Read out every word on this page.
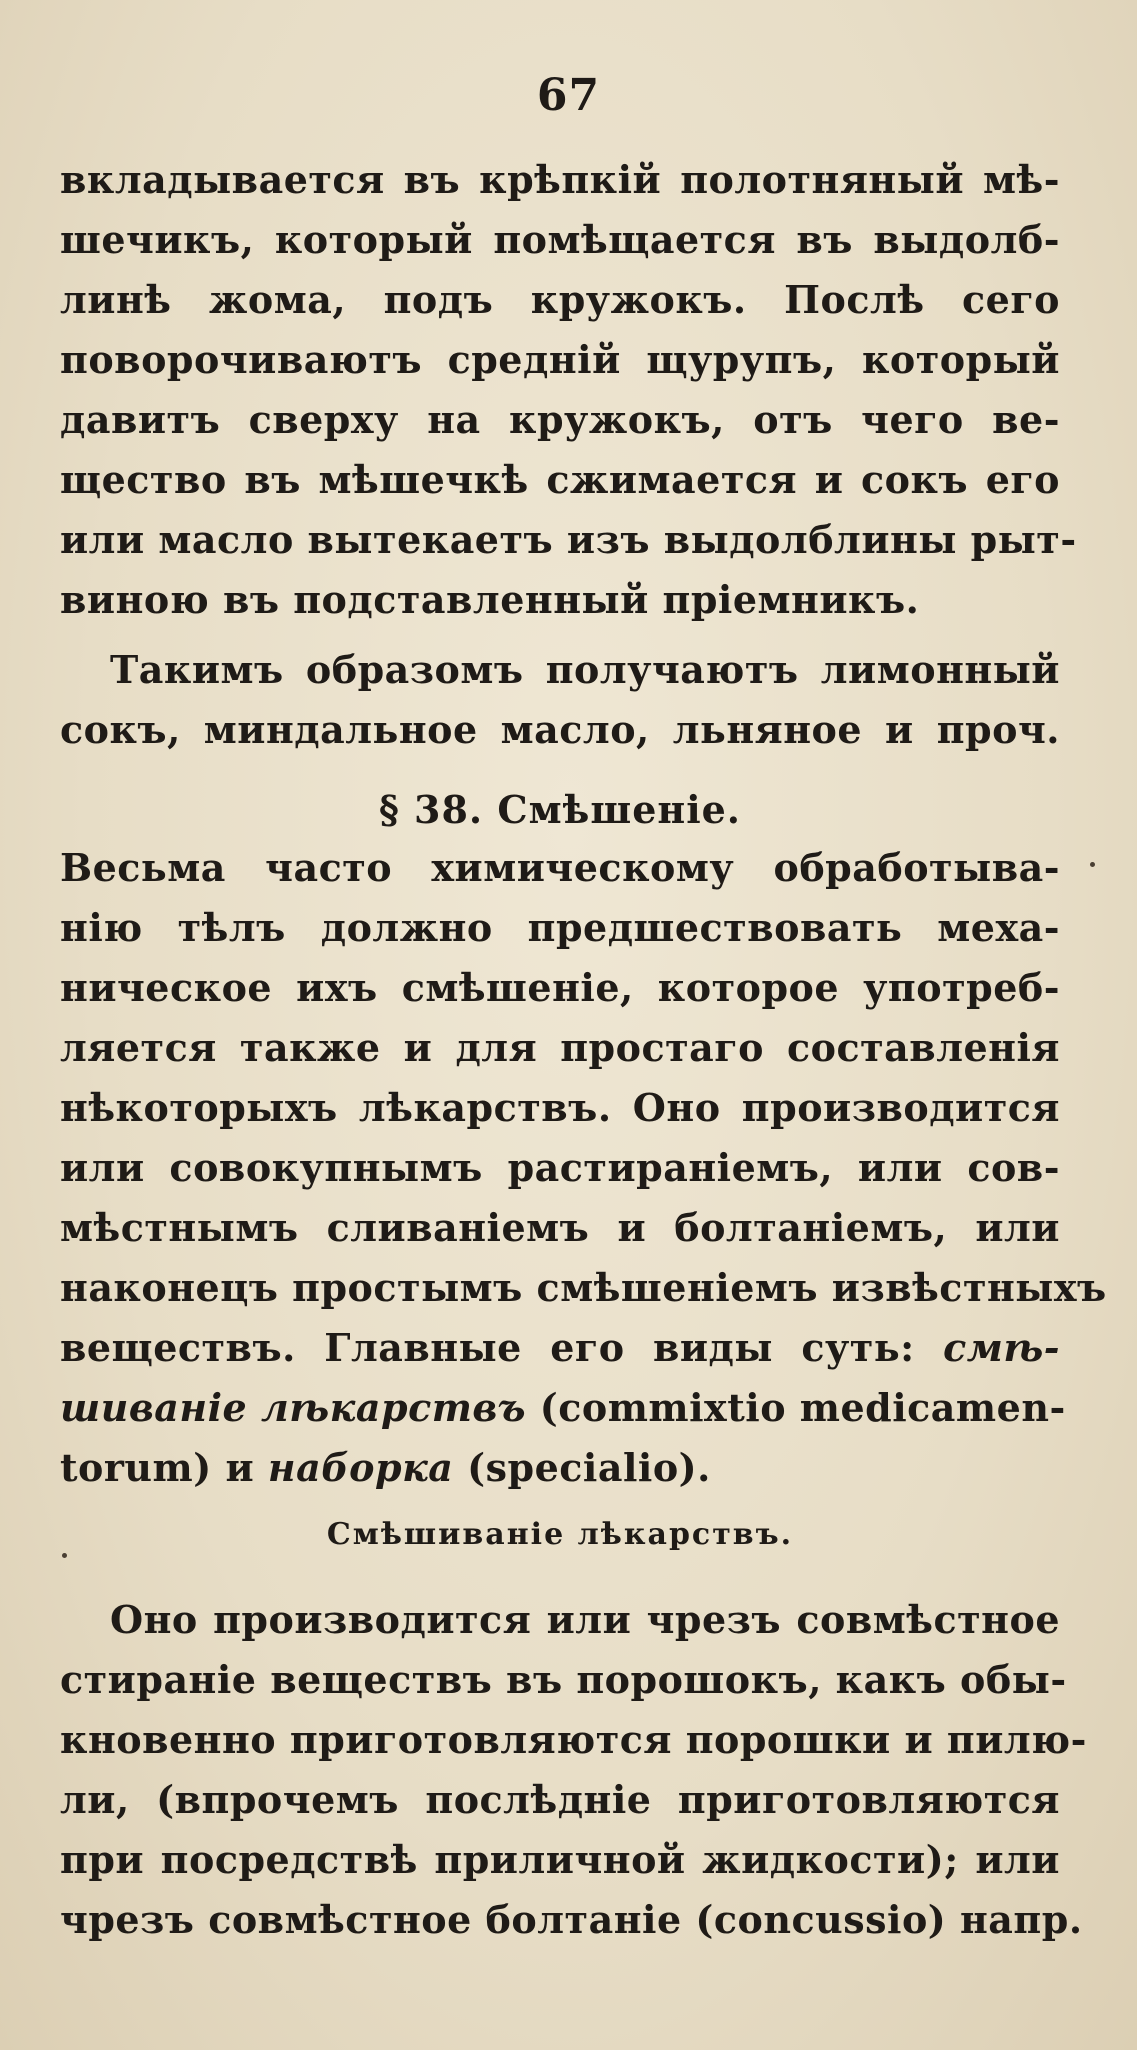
67
вкладывается въ крѣпкій полотняный мѣ-
шечикъ, который помѣщается въ выдолб-
линѣ жома, подъ кружокъ. Послѣ сего
поворочиваютъ средній щурупъ, который
давитъ сверху на кружокъ, отъ чего ве-
щество въ мѣшечкѣ сжимается и сокъ его
или масло вытекаетъ изъ выдолблины рыт-
виною въ подставленный пріемникъ.
Такимъ образомъ получаютъ лимонный
сокъ, миндальное масло, льняное и проч.
§ 38. Смѣшеніе.
Весьма часто химическому обработыва-
нію тѣлъ должно предшествовать меха-
ническое ихъ смѣшеніе, которое употреб-
ляется также и для простаго составленія
нѣкоторыхъ лѣкарствъ. Оно производится
или совокупнымъ растираніемъ, или сов-
мѣстнымъ сливаніемъ и болтаніемъ, или
наконецъ простымъ смѣшеніемъ извѣстныхъ
веществъ. Главные его виды суть: смѣ-
шиваніе лѣкарствъ (commixtio medicamen-
torum) и наборка (specialio).
Смѣшиваніе лѣкарствъ.
Оно производится или чрезъ совмѣстное
стираніе веществъ въ порошокъ, какъ обы-
кновенно приготовляются порошки и пилю-
ли, (впрочемъ послѣдніе приготовляются
при посредствѣ приличной жидкости); или
чрезъ совмѣстное болтаніе (concussio) напр.
